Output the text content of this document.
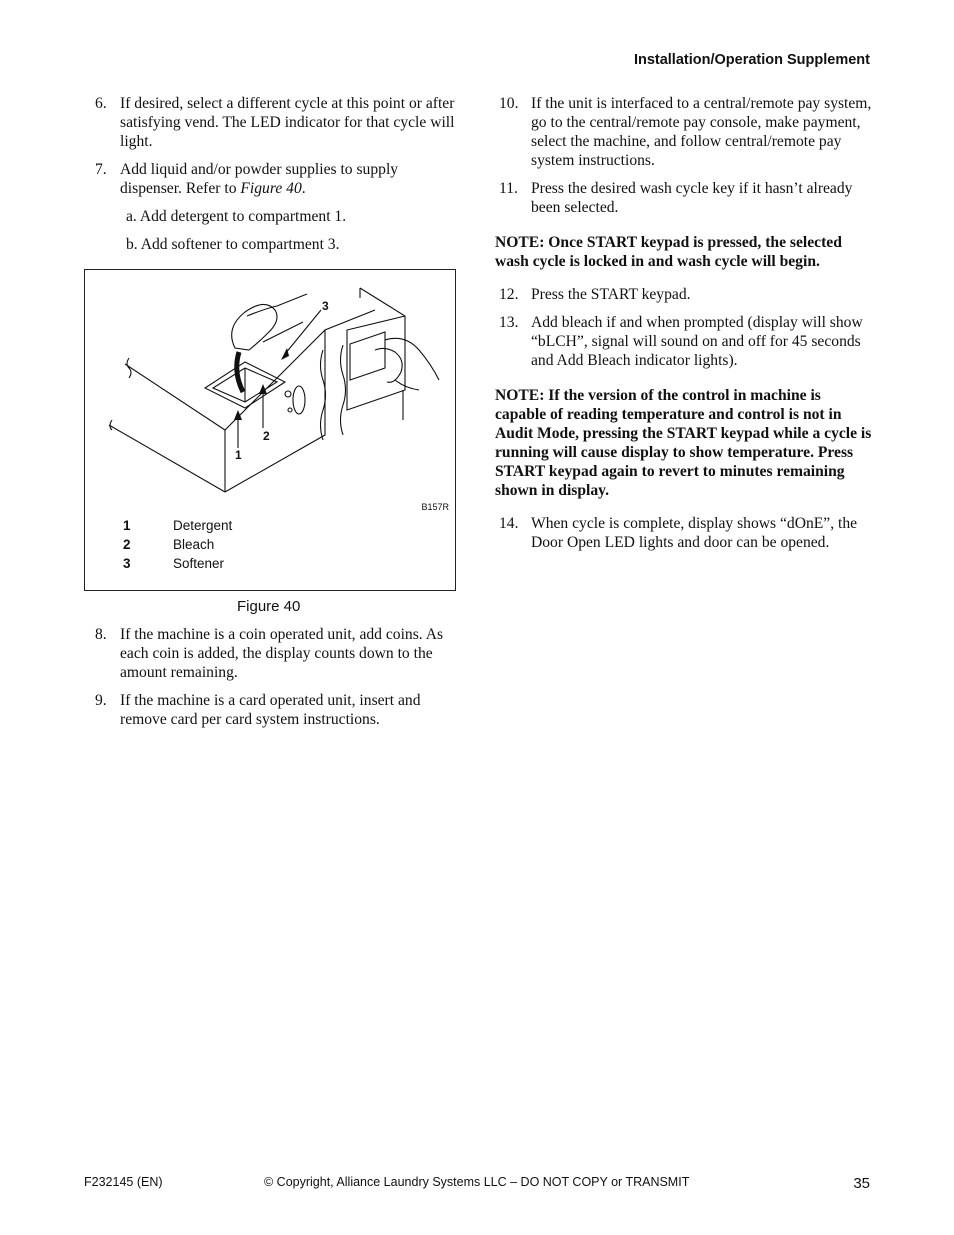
Installation/Operation Supplement
6. If desired, select a different cycle at this point or after satisfying vend. The LED indicator for that cycle will light.
7. Add liquid and/or powder supplies to supply dispenser. Refer to Figure 40.
a. Add detergent to compartment 1.
b. Add softener to compartment 3.
3
2
1
B157R
1	Detergent
2	Bleach
3	Softener
Figure 40
8. If the machine is a coin operated unit, add coins. As each coin is added, the display counts down to the amount remaining.
9. If the machine is a card operated unit, insert and remove card per card system instructions.
10. If the unit is interfaced to a central/remote pay system, go to the central/remote pay console, make payment, select the machine, and follow central/remote pay system instructions.
11. Press the desired wash cycle key if it hasn’t already been selected.
NOTE: Once START keypad is pressed, the selected wash cycle is locked in and wash cycle will begin.
12. Press the START keypad.
13. Add bleach if and when prompted (display will show “bLCH”, signal will sound on and off for 45 seconds and Add Bleach indicator lights).
NOTE: If the version of the control in machine is capable of reading temperature and control is not in Audit Mode, pressing the START keypad while a cycle is running will cause display to show temperature. Press START keypad again to revert to minutes remaining shown in display.
14. When cycle is complete, display shows “dOnE”, the Door Open LED lights and door can be opened.
F232145 (EN)	© Copyright, Alliance Laundry Systems LLC – DO NOT COPY or TRANSMIT	35
